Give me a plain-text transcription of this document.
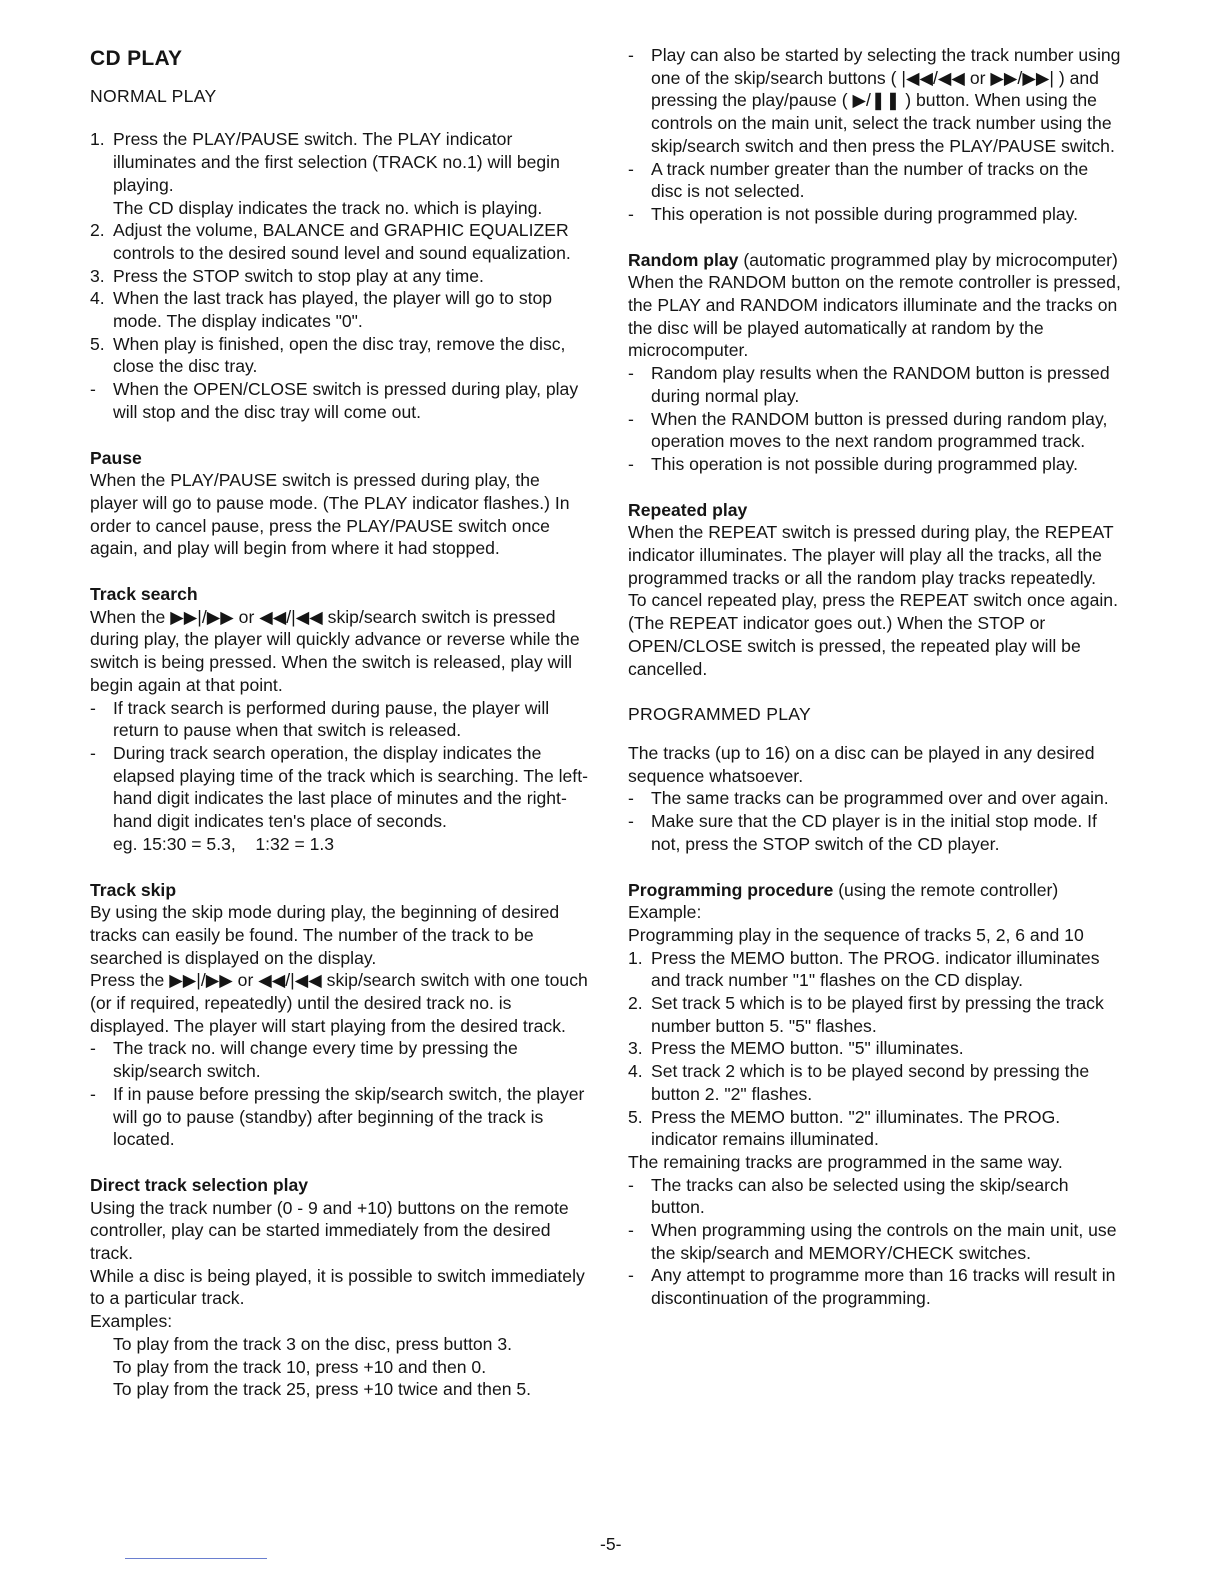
CD PLAY

NORMAL PLAY

1. Press the PLAY/PAUSE switch. The PLAY indicator illuminates and the first selection (TRACK no.1) will begin playing.

The CD display indicates the track no. which is playing.

2. Adjust the volume, BALANCE and GRAPHIC EQUALIZER controls to the desired sound level and sound equalization.

3. Press the STOP switch to stop play at any time.

4. When the last track has played, the player will go to stop mode. The display indicates "0".

5. When play is finished, open the disc tray, remove the disc, close the disc tray.

- When the OPEN/CLOSE switch is pressed during play, play will stop and the disc tray will come out.

Pause

When the PLAY/PAUSE switch is pressed during play, the player will go to pause mode. (The PLAY indicator flashes.) In order to cancel pause, press the PLAY/PAUSE switch once again, and play will begin from where it had stopped.

Track search

When the ▶▶|/▶▶ or ◀◀/|◀◀ skip/search switch is pressed during play, the player will quickly advance or reverse while the switch is being pressed. When the switch is released, play will begin again at that point.

- If track search is performed during pause, the player will return to pause when that switch is released.

- During track search operation, the display indicates the elapsed playing time of the track which is searching. The left-hand digit indicates the last place of minutes and the right-hand digit indicates ten's place of seconds.

eg. 15:30 = 5.3,    1:32 = 1.3

Track skip

By using the skip mode during play, the beginning of desired tracks can easily be found. The number of the track to be searched is displayed on the display.

Press the ▶▶|/▶▶ or ◀◀/|◀◀ skip/search switch with one touch (or if required, repeatedly) until the desired track no. is displayed. The player will start playing from the desired track.

- The track no. will change every time by pressing the skip/search switch.

- If in pause before pressing the skip/search switch, the player will go to pause (standby) after beginning of the track is located.

Direct track selection play

Using the track number (0 - 9 and +10) buttons on the remote controller, play can be started immediately from the desired track.

While a disc is being played, it is possible to switch immediately to a particular track.

Examples:

To play from the track 3 on the disc, press button 3.

To play from the track 10, press +10 and then 0.

To play from the track 25, press +10 twice and then 5.

- Play can also be started by selecting the track number using one of the skip/search buttons ( |◀◀/◀◀ or ▶▶/▶▶| ) and pressing the play/pause ( ▶/❚❚ ) button. When using the controls on the main unit, select the track number using the skip/search switch and then press the PLAY/PAUSE switch.

- A track number greater than the number of tracks on the disc is not selected.

- This operation is not possible during programmed play.

Random play (automatic programmed play by microcomputer)

When the RANDOM button on the remote controller is pressed, the PLAY and RANDOM indicators illuminate and the tracks on the disc will be played automatically at random by the microcomputer.

- Random play results when the RANDOM button is pressed during normal play.

- When the RANDOM button is pressed during random play, operation moves to the next random programmed track.

- This operation is not possible during programmed play.

Repeated play

When the REPEAT switch is pressed during play, the REPEAT indicator illuminates. The player will play all the tracks, all the programmed tracks or all the random play tracks repeatedly.

To cancel repeated play, press the REPEAT switch once again. (The REPEAT indicator goes out.) When the STOP or OPEN/CLOSE switch is pressed, the repeated play will be cancelled.

PROGRAMMED PLAY

The tracks (up to 16) on a disc can be played in any desired sequence whatsoever.

- The same tracks can be programmed over and over again.

- Make sure that the CD player is in the initial stop mode. If not, press the STOP switch of the CD player.

Programming procedure (using the remote controller)

Example:

Programming play in the sequence of tracks 5, 2, 6 and 10

1. Press the MEMO button. The PROG. indicator illuminates and track number "1" flashes on the CD display.

2. Set track 5 which is to be played first by pressing the track number button 5. "5" flashes.

3. Press the MEMO button. "5" illuminates.

4. Set track 2 which is to be played second by pressing the button 2. "2" flashes.

5. Press the MEMO button. "2" illuminates. The PROG. indicator remains illuminated.

The remaining tracks are programmed in the same way.

- The tracks can also be selected using the skip/search button.

- When programming using the controls on the main unit, use the skip/search and MEMORY/CHECK switches.

- Any attempt to programme more than 16 tracks will result in discontinuation of the programming.

-5-
